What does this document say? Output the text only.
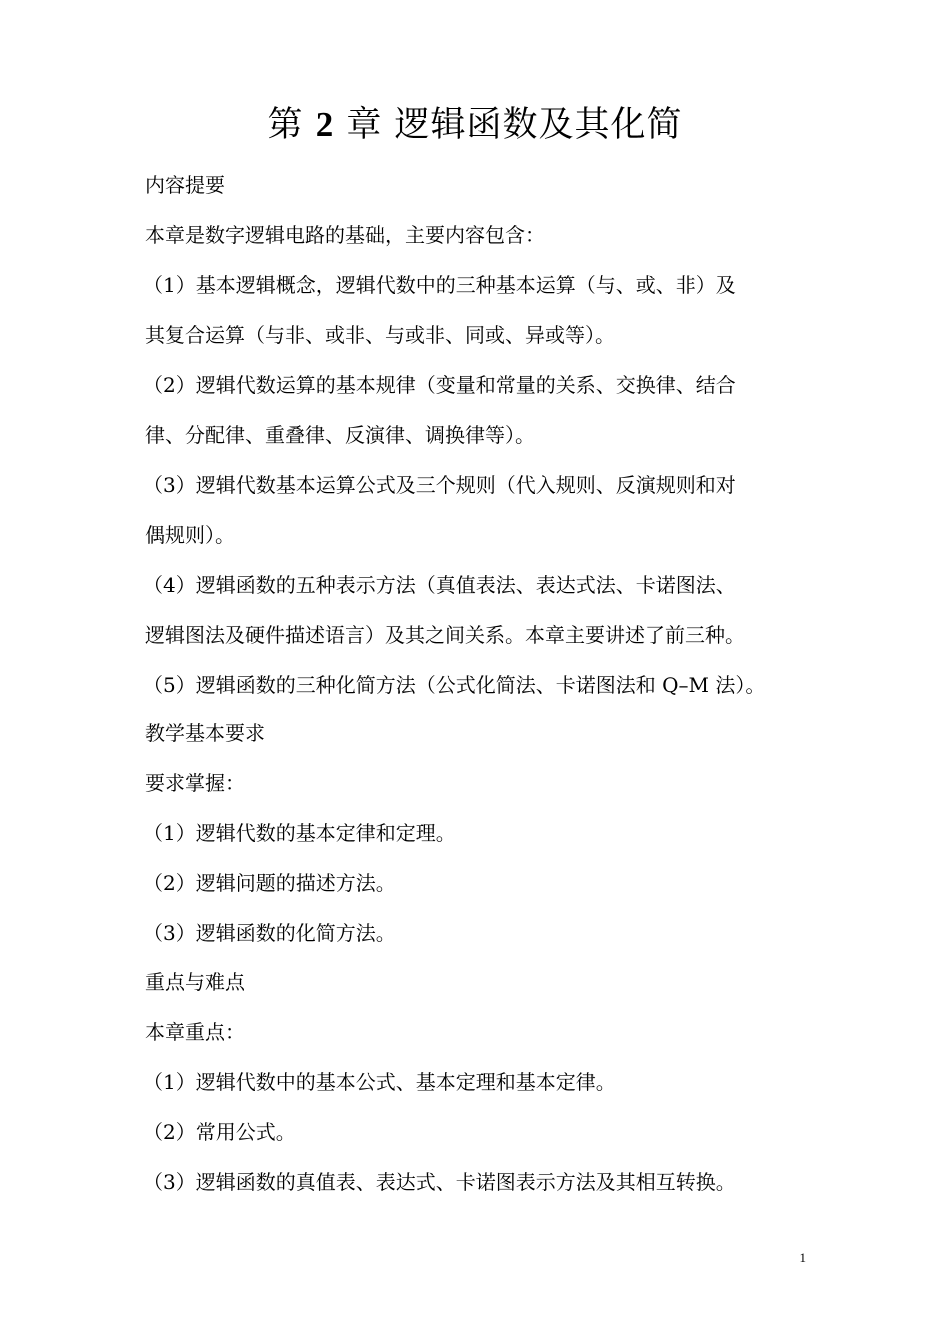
第 2 章 逻辑函数及其化简
内容提要
本章是数字逻辑电路的基础，主要内容包含：
（1）基本逻辑概念，逻辑代数中的三种基本运算（与、或、非）及
其复合运算（与非、或非、与或非、同或、异或等）。
（2）逻辑代数运算的基本规律（变量和常量的关系、交换律、结合
律、分配律、重叠律、反演律、调换律等）。
（3）逻辑代数基本运算公式及三个规则（代入规则、反演规则和对
偶规则）。
（4）逻辑函数的五种表示方法（真值表法、表达式法、卡诺图法、
逻辑图法及硬件描述语言）及其之间关系。本章主要讲述了前三种。
（5）逻辑函数的三种化简方法（公式化简法、卡诺图法和 Q–M 法）。
教学基本要求
要求掌握：
（1）逻辑代数的基本定律和定理。
（2）逻辑问题的描述方法。
（3）逻辑函数的化简方法。
重点与难点
本章重点：
（1）逻辑代数中的基本公式、基本定理和基本定律。
（2）常用公式。
（3）逻辑函数的真值表、表达式、卡诺图表示方法及其相互转换。
1
